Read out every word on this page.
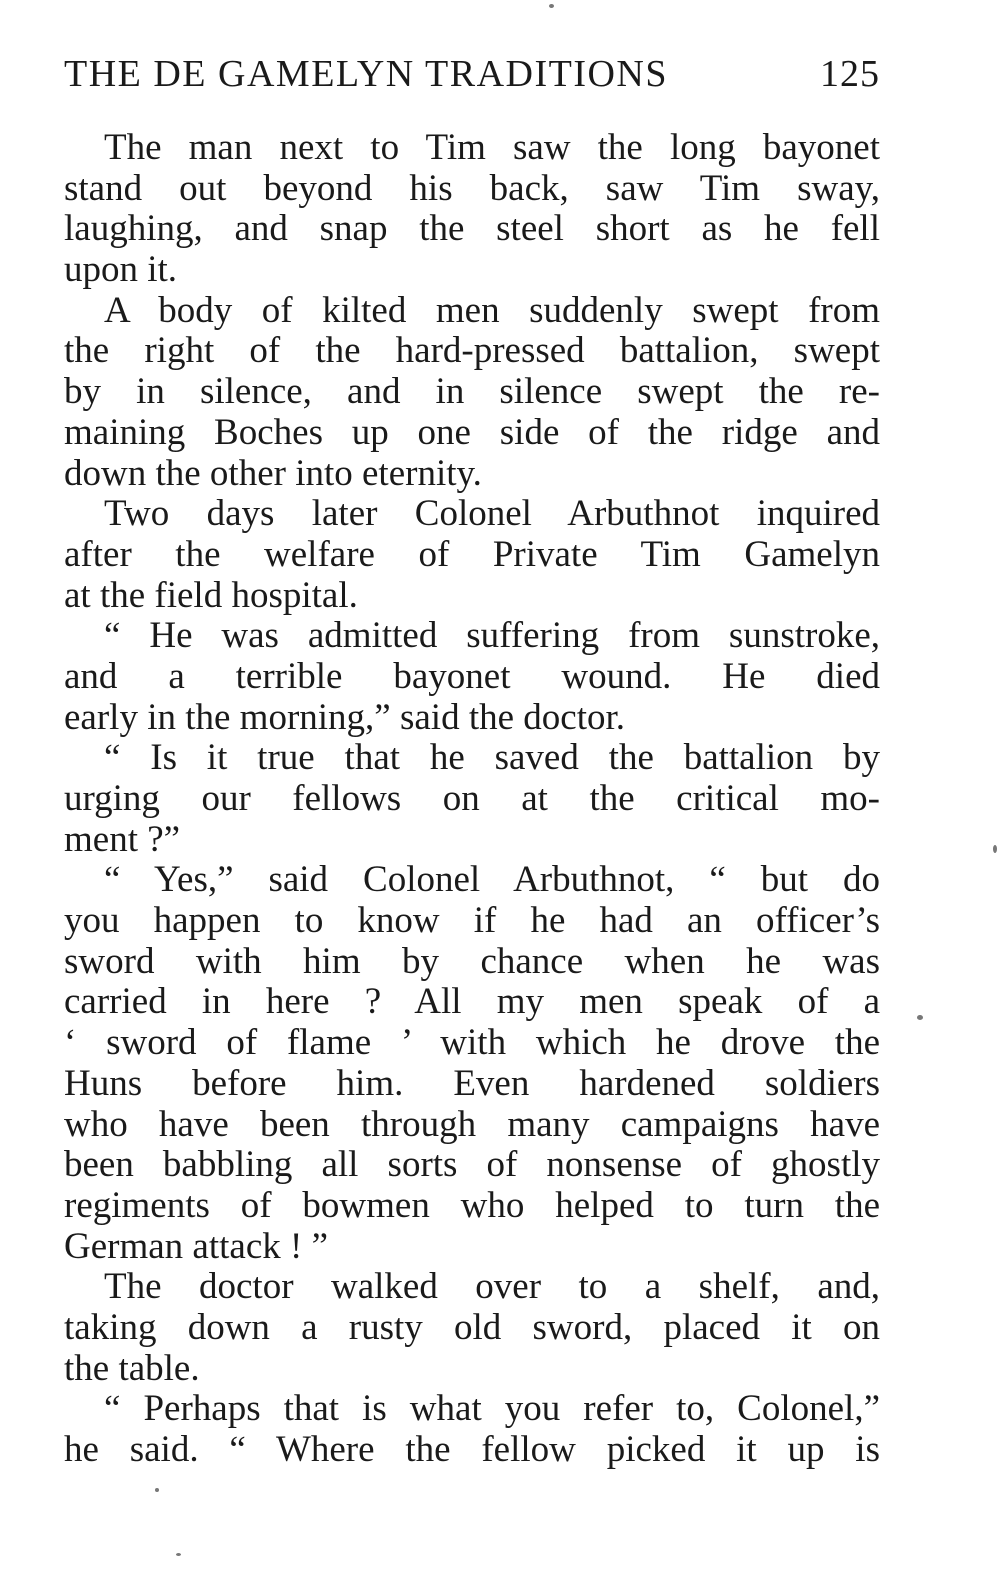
THE DE GAMELYN TRADITIONS	125
The man next to Tim saw the long bayonet
stand out beyond his back, saw Tim sway,
laughing, and snap the steel short as he fell
upon it.
A body of kilted men suddenly swept from
the right of the hard-pressed battalion, swept
by in silence, and in silence swept the re-
maining Boches up one side of the ridge and
down the other into eternity.
Two days later Colonel Arbuthnot inquired
after the welfare of Private Tim Gamelyn
at the field hospital.
“ He was admitted suffering from sunstroke,
and a terrible bayonet wound. He died
early in the morning,” said the doctor.
“ Is it true that he saved the battalion by
urging our fellows on at the critical mo-
ment ?”
“ Yes,” said Colonel Arbuthnot, “ but do
you happen to know if he had an officer’s
sword with him by chance when he was
carried in here ? All my men speak of a
‘ sword of flame ’ with which he drove the
Huns before him. Even hardened soldiers
who have been through many campaigns have
been babbling all sorts of nonsense of ghostly
regiments of bowmen who helped to turn the
German attack ! ”
The doctor walked over to a shelf, and,
taking down a rusty old sword, placed it on
the table.
“ Perhaps that is what you refer to, Colonel,”
he said. “ Where the fellow picked it up is
